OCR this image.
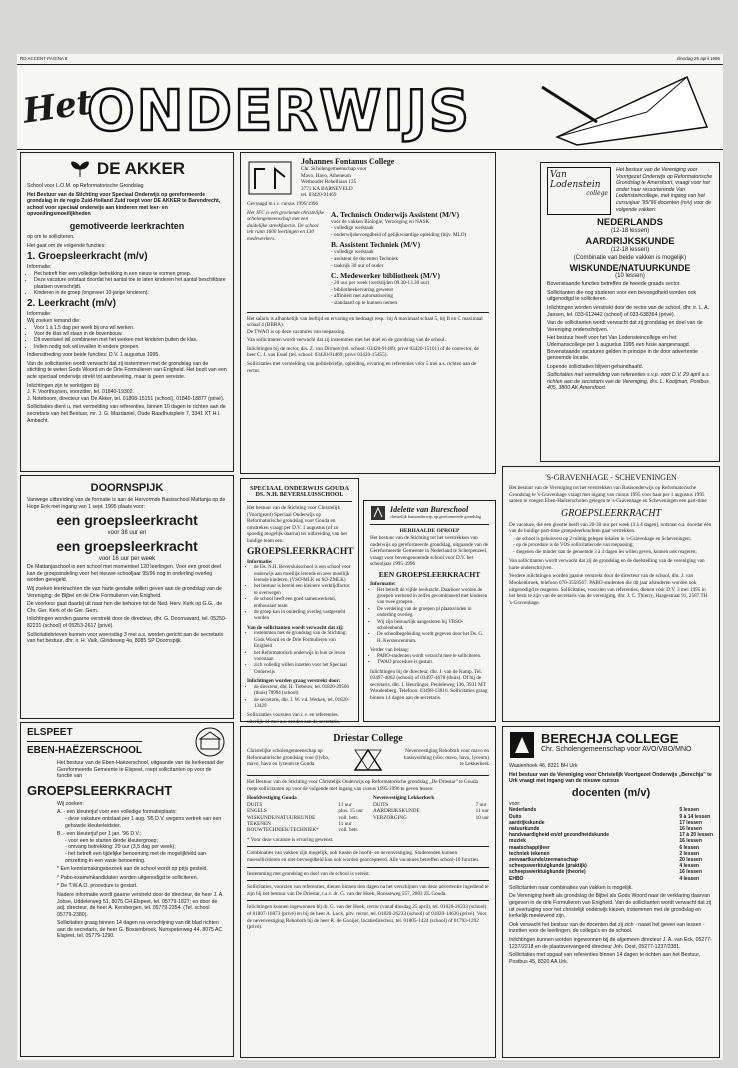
RD ACCENT PAGINA 8	dinsdag 25 april 1995
Het
ONDERWIJS
DE AKKER

School voor L.O.M. op Reformatorische Grondslag

Het Bestuur van de Stichting voor Speciaal Onderwijs op gereformeerde grondslag in de regio Zuid-Holland Zuid roept voor DE AKKER te Barendrecht, school voor speciaal onderwijs aan kinderen met leer- en opvoedingsmoeilijkheden

gemotiveerde leerkrachten

op om te solliciteren.

Het gaat om de volgende functies:

1. Groepsleerkracht (m/v)

Informatie:

• Het betreft hier een volledige betrekking in een nieuw te vormen groep.
• Deze vacature ontstaat doordat het aantal toe te laten kinderen het aantal beschikbare plaatsen overschrijdt.
• Kinderen in de groep (ongeveer 10-jarige kinderen).

2. Leerkracht (m/v)

Informatie:

Wij zoeken iemand die:

• Voor 1 à 1,5 dag per week bij ons wil werken.
• Voor de klas wil staan in de bovenbouw.
• Dit eventueel wil combineren met het werken met kinderen buiten de klas.
• Indien nodig ook wil invallen in andere groepen.

Indiensttreding voor beide functies: D.V. 1 augustus 1995.

Van de sollicitanten wordt verwacht dat zij instemmen met de grondslag van de stichting te weten Gods Woord en de Drie Formulieren van Enigheid. Het bezit van een acte speciaal onderwijs strekt tot aanbeveling, maar is geen vereiste.

Inlichtingen zijn te verkrijgen bij
J. F. Voorthuysen, voorzitter, tel. 01840-19302.
J. Noteboom, directeur van De Akker, tel. 01808-15151 (school), 01840-18877 (privé).

Sollicitaties dient u, met vermelding van referenties, binnen 10 dagen te richten aan de secretaris van het Bestuur, mr. J. G. Mazdaniel, Oude Raadhuisplein 7, 3341 XT H.I. Ambacht.

DOORNSPIJK

Vanwege uitbreiding van de formatie is aan de Hervormde Basisschool Mattanja op de Hoge Enk met ingang van 1 sept. 1995 plaats voor:

een groepsleerkracht

voor 38 uur en

een groepsleerkracht

voor 16 uur per week

De Mattanjaschool is een school met momenteel 120 leerlingen. Voor een groot deel kan de groepsindeling voor het nieuwe schooljaar 95/96 nog in onderling overleg worden geregeld.

Wij zoeken leerkrachten die van harte gestalte willen geven aan de grondslag van de Vereniging: de Bijbel en de Drie Formulieren van Enigheid.

De voorkeur gaat daarbij uit naar hen die behoren tot de Ned. Herv. Kerk op G.G., de Chr. Ger. Kerk of de Ger. Gem.

Inlichtingen worden gaarne verstrekt door de directeur, dhr. G. Doornaward, tel. 05250-82231 (school) of 05253-2617 (privé).

Sollicitatiebrieven kunnen voor woensdag 3 mei a.s. worden gericht aan de secretaris van het bestuur, dhr. ir. H. Valk, Glindeweg 4a, 8085 SP Doornspijk.

ELSPEET

EBEN-HAËZERSCHOOL

Het bestuur van de Eben-Haëzerschool, uitgaande van de kerkeraad der Gereformeerde Gemeente te Elspeet, roept sollicitanten op voor de functie van

GROEPSLEERKRACHT

Wij zoeken:

A. - een kleuterjuf voor een volledige formatieplaats;

- deze vakature ontstaat per 1 aug. '95 D.V. wegens vertrek van een gehuwde kleuterleidster.

B. - een kleuterjuf per 1 jan. '96 D.V.;

- voor een te starten derde kleutergroep;

- omvang betrekking: 29 uur (3,5 dag per week);

- het betreft een tijdelijke benoeming met de mogelijkheid van omzetting in een vaste benoeming.

* Een kennismakingsbezoek aan de school wordt op prijs gesteld.

* Pabo-examenkandidaten worden uitgenodigd te solliciteren.

* De T.W.A.O. procedure is gestart.

Nadere informatie wordt gaarne verstrekt door de directeur, de heer J. A. Jobse, Uddelerweg 51, 8075 CH Elspeet, tel. 05779-1827; en door de adj. directeur, de heer A. Kersbergen, tel. 05779-2354. (Tel. school 05779-2380).

Sollicitaties graag binnen 14 dagen na verschijning van dit blad richten aan de secretaris, de heer G. Bossenbroek, Nunspeterweg 44, 8075 AC Elspeet, tel. 05779-1290.

Johannes Fontanus College

Chr. Scholengemeenschap voor
Mavo, Havo, Atheneum
Wethouder Rebelliaan 135
3771 KA BARNEVELD
tel. 03420-91469

Gevraagd m.i.v. cursus 1995/1996

Het JFC is een groeiende christelijke scholengemeenschap met een duidelijke streekfunctie. De school telt ruim 1600 leerlingen en 130 medewerkers.

A. Technisch Onderwijs Assistent (M/V)

voor de vakken Biologie, Verzorging en NASK
- volledige werktaak
- onderwijsbevoegdheid of gelijkwaardige opleiding (bijv. MLO)

B. Assistent Techniek (M/V)

- volledige werktaak
- assistent de docenten Techniek
- taakrijk 30 uur of ouder

C. Medewerker bibliotheek (M/V)

- 20 uur per week (werktijden 09.30-13.30 uur)
- bibliotheekervaring gewenst
- affiniteit met automatisering
- standaard op te kunnen nemen

Het salaris is afhankelijk van leeftijd en ervaring en bedraagt resp.: bij A maximaal schaal 5, bij B en C maximaal schaal 4 (BBRA).
De TWAO is op deze vacatures van toepassing.

Van sollicitanten wordt verwacht dat zij instemmen met het doel en de grondslag van de school.

Inlichtingen bij de rector, drs. Z. van Dirmen (tel. school: 03420-91469, privé 03420-15101) of de conrector, de heer C. J. van Essel (tel. school: 03420-91469; privé 03420-15455).

Sollicitaties met vermelding van politiebriefje, opleiding, ervaring en referenties vóór 5 mei a.s. richten aan de rector.

SPECIAAL ONDERWIJS GOUDA

DS. N.H. BEVERSLUISSCHOOL

Het bestuur van de Stichting voor Christelijk (Voortgezet) Speciaal Onderwijs op Reformatorische grondslag voor Gouda en omstreken vraagt per D.V. 1 augustus (of zo spoedig mogelijk daarna) ter uitbreiding van het huidige team een:

GROEPSLEERKRACHT

Informatie:

• de Ds. N.H. Beversluisschool is een school voor onderwijs aan moeilijk lerende en zeer moeilijk lerende kinderen, (VSO-MLK en SO-ZMLK)
• het bestuur is bereid een kleinere werktijdfactor te overwegen
• de school heeft een goed samenwerkend, enthousiast team
• de groep kan in onderling overleg vastgesteld worden

Van de sollicitanten wordt verwacht dat zij:

• instemmen met de grondslag van de Stichting: Gods Woord en de Drie Formulieren van Enigheid
• het Reformatorisch onderwijs in hun ze leven voorstaan
• zich volledig willen inzetten voor het Speciaal Onderwijs

Inlichtingen worden graag verstrekt door:

• de directeur, dhr. H. Tiebouw, tel. 01820-29566 (thuis) 70994 (school)
• de secretaris, dhr. J. W. v.d. Werken, tel. 01820-13429

Sollicitaties voorzien van c.v. en referenties, uiterlijk 11 mei a.s. zenden aan de secretaris,

Idelette van Bureschool

christelijk basisonderwijs op gereformeerde grondslag

HERHAALDE OPROEP

Het bestuur van de Stichting tot het verstrekken van onderwijs op gereformeerde grondslag, uitgaande van de Gereformeerde Gemeente in Nederland te Scherpenzeel, vraagt voor bovengenoemde school voor D.V. het schooljaar 1995-1996

EEN GROEPSLEERKRACHT

Informatie:

• Het betreft de vijfde leerkracht. Daarboor worden de groepen werkend in zelfen gecombineerd met kinderen van twee groepen.
• De verdeling van de groepen pl plaatsvinden in onderling overleg.
• Wij zijn bestuurlijk aangesloten bij VBSO-scholenbond.
• De schoolbegeleiding wordt gegeven door het Ds. G. H. Kerstencentrum.

Verder van belang:

• PABO-studenten wordt verzocht mee te solliciteren.
• TWAO procedure is gestart.

Inlichtingen bij de directeur, dhr. J. van de Kamp. Tel. 03497-4062 (school) of 03497-4678 (thuis). Of bij de secretaris, dhr. J. Heurlinger, Peuleleweg 136, 3931 MT Woudenberg. Telefoon: 03498-13816. Sollicitaties graag binnen 14 dagen aan de secretaris.

Van
Lodenstein
college

Het bestuur van de Vereniging voor Voortgezet Onderwijs op Reformatorische Grondslag te Amersfoort, vraagt voor het onder haar ressorterende Van Lodensteincollege, met ingang van het cursusjaar '95/'96 docenten (m/v) voor de volgende vakken:

NEDERLANDS

(12-18 lessen)

AARDRIJKSKUNDE

(12-18 lessen)

(Combinatie van beide vakken is mogelijk)

WISKUNDE/NATUURKUNDE

(10 lessen)

Bovenstaande functies betreffen de tweede graads sector.

Sollicitanten die nog studeren voor een bevoegdheid worden ook uitgenodigd te solliciteren.

Inlichtingen worden verstrekt door de rector van de school, dhr. ir. L. A. Jansen, tel. 033-612442 (school) of 033-638364 (privé).

Van de sollicitanten wordt verwacht dat zij grondslag en doel van de Vereniging onderschrijven.

Het bestuur heeft voor het Van Lodensteincollege en het Udemanscollege per 1 augustus 1995 een fusie aangevraagd. Bovenstaande vacatures gelden in principe in de door advertentie genoemde locatie.

Lopende sollicitaties blijven gehandhaafd.

Sollicitaties met vermelding van referenties s.v.p. vóór D.V. 29 april a.s. richten aan de secretaris van de Vereniging, drs. L. Kooijman, Postbus 405, 3800 AK Amersfoort.

'S-GRAVENHAGE - SCHEVENINGEN

Het bestuur van de Vereniging tot het verstrekken van Basisonderwijs op Reformatorische Grondslag te 's-Gravenhage vraagt met ingang van cursus 1995 voor haar per 1 augustus 1995 samen te voegen Eben-Haëzerscholen gelegen te 's-Gravenhage en Scheveningen een part-time

GROEPSLEERKRACHT

De vacature, die een grootte heeft van 20-30 uur per week (3 à 4 dagen), ontstaat o.a. doordat één van de huidige part-time groepsleerkrachten gaat vertrekken.

- de school is gehuisvest op 2 ruïmig gelegen lokalen in 's-Gravenhage en Scheveningen;
- op de procedure is de VOS sollicitatiecode van toepassing;
- diegenen die minder dan de genoemde 3 à 4 dagen les willen geven, kunnen ook reageren;

Van sollicitanten wordt verwacht dat zij de grondslag en de doelstelling van de vereniging van harte onderschrijven.

Verdere inlichtingen worden gaarne verstrekt door de directeur van de school, dhr. J. van Mookenbroek, telefoon 070-3558567. PABO-studenten die dit jaar afstuderen worden ook uitgenodigd te reageren. Sollicitaties, voorzien van referenties, dienen vóór D.V. 3 mei 1995 in het bezit te zijn van de secretaris van de vereniging, dhr. J. C. Thierry, Haagestraat 91, 2587 TH 's-Gravenhage.

Driestar College

Christelijke scholengemeenschap op Reformatorische grondslag voor (l)vbo, mavo, havo en lyceum te Gouda

Nevenvestiging Rehoboth voor mavo en basisvorming (vbo, mavo, havo, lyceum) te Lekkerkerk

Het Bestuur van de Stichting voor Christelijk Onderwijs op Reformatorische grondslag „De Driestar" te Gouda roept sollicitanten op voor de volgende met ingang van cursus 1995/1996 te geven lessen:

Hoofdvestiging Gouda

DUITS	11 uur
ENGELS	plus. 15 uur
WISKUNDE/NATUURKUNDE	voll. betr.
TEKENEN	11 uur
BOUWTECHNIEK/TECHNIEK*	voll. betr.

Nevenvestiging Lekkerkerk

DUITS	7 uur
AARDRIJKSKUNDE	11 uur
VERZORGING	10 uur

* Voor deze vacature is ervaring gewenst.

Combinaties van vakken zijn mogelijk, ook tussen de hoofd- en nevenvestiging. Studerenden kunnen meesollicitieren en niet-bevoegdheid kan ook worden geaccepteerd. Alle vacatures betreffen school-10 functies.

Instemming met grondslag en doel van de school is vereist.

Sollicitaties, voorzien van referenties, dienen binnen tien dagen na het verschijnen van deze advertentie ingediend te zijn bij het bestuur van De Driestar, t.a.v. dr. G. van der Hoek, Ronsseweg 557, 2803 ZL Gouda.

Inlichtingen kunnen ingewonnen bij dr. G. van der Hoek, rector (vanaf dinsdag 25 april), tel. 01820-26233 (school) of 01807-16873 (privé) en bij de heer A. Lock, pltv. rector, tel. 01820-26233 (school) of 01820-14626 (privé). Voor de nevenvestiging Rehoboth bij de heer R. de Gooijer, locatiedirecteur, tel. 01805-1424 (school) of 01793-1292 (privé).

BERECHJA COLLEGE

Chr. Scholengemeenschap voor AVO/VBO/MNO

Waaienhoek 46, 8321 BH Urk

Het bestuur van de Vereniging voor Christelijk Voortgezet Onderwijs „Berechja" te Urk vraagt met ingang van de nieuwe cursus

docenten (m/v)

voor:

Nederlands	5 lessen
Duits	9 à 14 lessen
aardrijkskunde	17 lessen
natuurkunde	16 lessen
handvaardigheid en/of gezondheidskunde	17 à 20 lessen
muziek	16 lessen
maatschappijleer	6 lessen
techniek tekenen	2 lessen
zeevaartkunde/zeemanschap	20 lessen
scheepswerktuigkunde (praktijk)	4 lessen
scheepswerktuigkunde (theorie)	16 lessen
EHBO	4 lessen

Sollicitanten naar combinaties van vakken is mogelijk.

De Vereniging heeft als grondslag de Bijbel als Gods Woord naar de verklaring daarvan gegeven in de drie Formulieren van Enigheid. Van de sollicitanten wordt verwacht dat zij uit overtuiging voor het christelijk onderwijs kiezen, instemmen met de grondslag en kerkelijk meelevend zijn.

Ook verwacht het bestuur van de docenten dat zij zich - naast het geven van lessen - inzetten voor de leerlingen, de collega's en de school.

Inlichtingen kunnen worden ingewonnen bij de algemeen directeur J. A. van Eck, 05277-1237/2218 en de plaatsvervangend directeur Joh. Oost, 05277-1237/2381.

Sollicitaties met opgaaf van referenties binnen 14 dagen te richten aan het Bestuur, Postbus 45, 8320 AA Urk.
